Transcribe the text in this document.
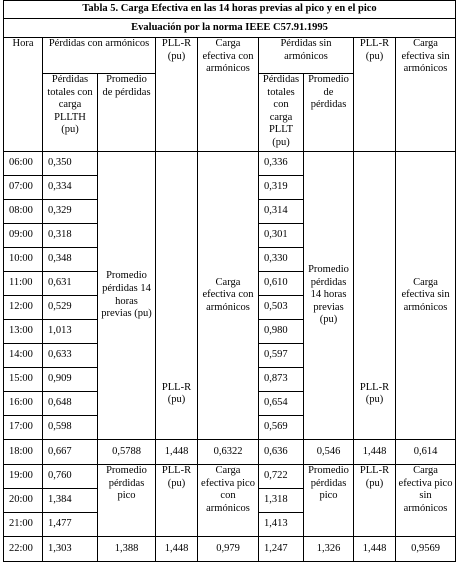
Tabla 5. Carga Efectiva en las 14 horas previas al pico y en el pico								
Evaluación por la norma IEEE C57.91.1995								
Hora	Pérdidas con armónicos		PLL-R (pu)	Carga efectiva con armónicos	Pérdidas sin armónicos		PLL-R (pu)	Carga efectiva sin armónicos
	Pérdidas totales con carga PLLTH (pu)	Promedio de pérdidas			Pérdidas totales con carga PLLT (pu)	Promedio de pérdidas		
06:00	0,350	Promedio pérdidas 14 horas previas (pu)	PLL-R (pu)	Carga efectiva con armónicos	0,336	Promedio pérdidas 14 horas previas (pu)	PLL-R (pu)	Carga efectiva sin armónicos
07:00	0,334				0,319			
08:00	0,329				0,314			
09:00	0,318				0,301			
10:00	0,348				0,330			
11:00	0,631				0,610			
12:00	0,529				0,503			
13:00	1,013				0,980			
14:00	0,633				0,597			
15:00	0,909				0,873			
16:00	0,648				0,654			
17:00	0,598				0,569			
18:00	0,667	0,5788	1,448	0,6322	0,636	0,546	1,448	0,614
19:00	0,760	Promedio pérdidas pico	PLL-R (pu)	Carga efectiva pico con armónicos	0,722	Promedio pérdidas pico	PLL-R (pu)	Carga efectiva pico sin armónicos
20:00	1,384				1,318			
21:00	1,477				1,413			
22:00	1,303	1,388	1,448	0,979	1,247	1,326	1,448	0,9569
